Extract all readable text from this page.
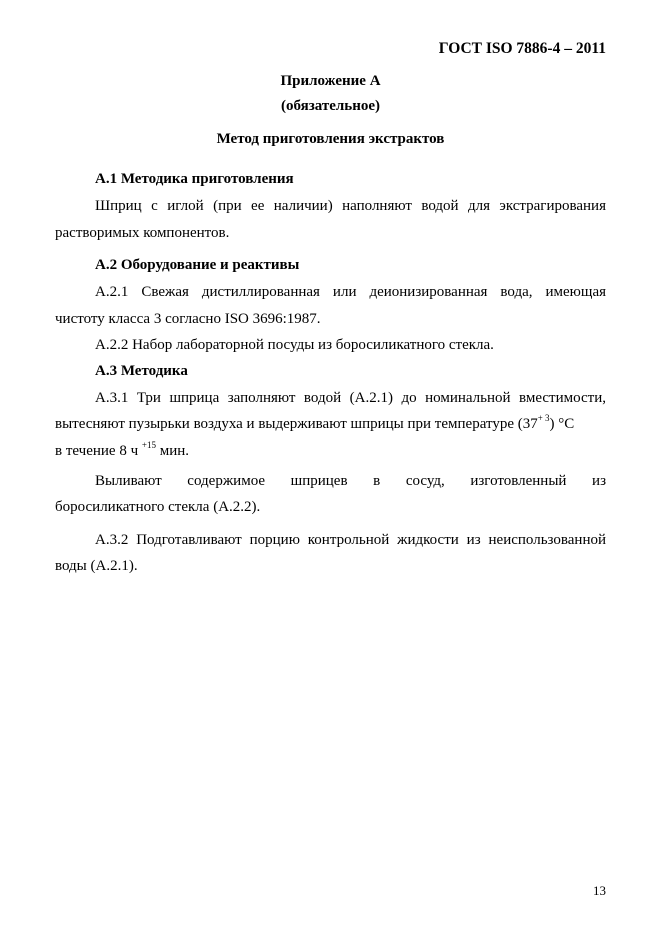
ГОСТ ISO 7886-4 – 2011
Приложение А
(обязательное)
Метод приготовления экстрактов
А.1 Методика приготовления
Шприц с иглой (при ее наличии) наполняют водой для экстрагирования
растворимых компонентов.
А.2 Оборудование и реактивы
А.2.1 Свежая дистиллированная или деионизированная вода, имеющая
чистоту класса 3 согласно ISO 3696:1987.
А.2.2 Набор лабораторной посуды из боросиликатного стекла.
А.3 Методика
А.3.1 Три шприца заполняют водой (А.2.1) до номинальной вместимости,
вытесняют пузырьки воздуха и выдерживают шприцы при температуре $(37^{+ 3})$ °С
в течение 8 ч $^{+15}$ мин.
Выливают содержимое шприцев в сосуд, изготовленный из
боросиликатного стекла (А.2.2).
А.3.2 Подготавливают порцию контрольной жидкости из неиспользованной
воды (А.2.1).
13
